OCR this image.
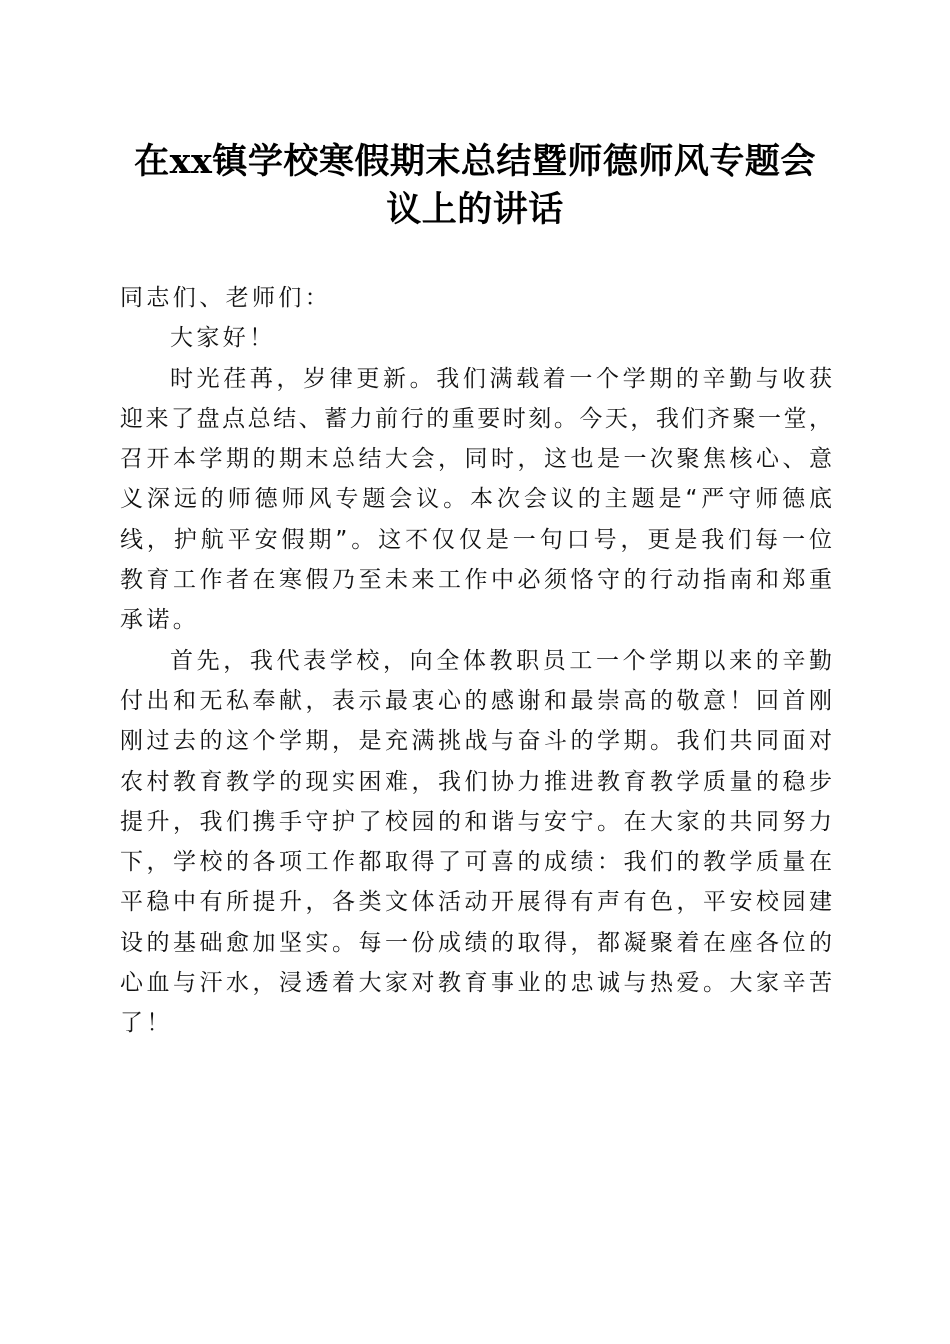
在xx镇学校寒假期末总结暨师德师风专题会
议上的讲话
同志们、老师们：
大家好！
时光荏苒，岁律更新。我们满载着一个学期的辛勤与收获
迎来了盘点总结、蓄力前行的重要时刻。今天，我们齐聚一堂，
召开本学期的期末总结大会，同时，这也是一次聚焦核心、意
义深远的师德师风专题会议。本次会议的主题是“严守师德底
线，护航平安假期”。这不仅仅是一句口号，更是我们每一位
教育工作者在寒假乃至未来工作中必须恪守的行动指南和郑重
承诺。
首先，我代表学校，向全体教职员工一个学期以来的辛勤
付出和无私奉献，表示最衷心的感谢和最崇高的敬意！回首刚
刚过去的这个学期，是充满挑战与奋斗的学期。我们共同面对
农村教育教学的现实困难，我们协力推进教育教学质量的稳步
提升，我们携手守护了校园的和谐与安宁。在大家的共同努力
下，学校的各项工作都取得了可喜的成绩：我们的教学质量在
平稳中有所提升，各类文体活动开展得有声有色，平安校园建
设的基础愈加坚实。每一份成绩的取得，都凝聚着在座各位的
心血与汗水，浸透着大家对教育事业的忠诚与热爱。大家辛苦
了！
